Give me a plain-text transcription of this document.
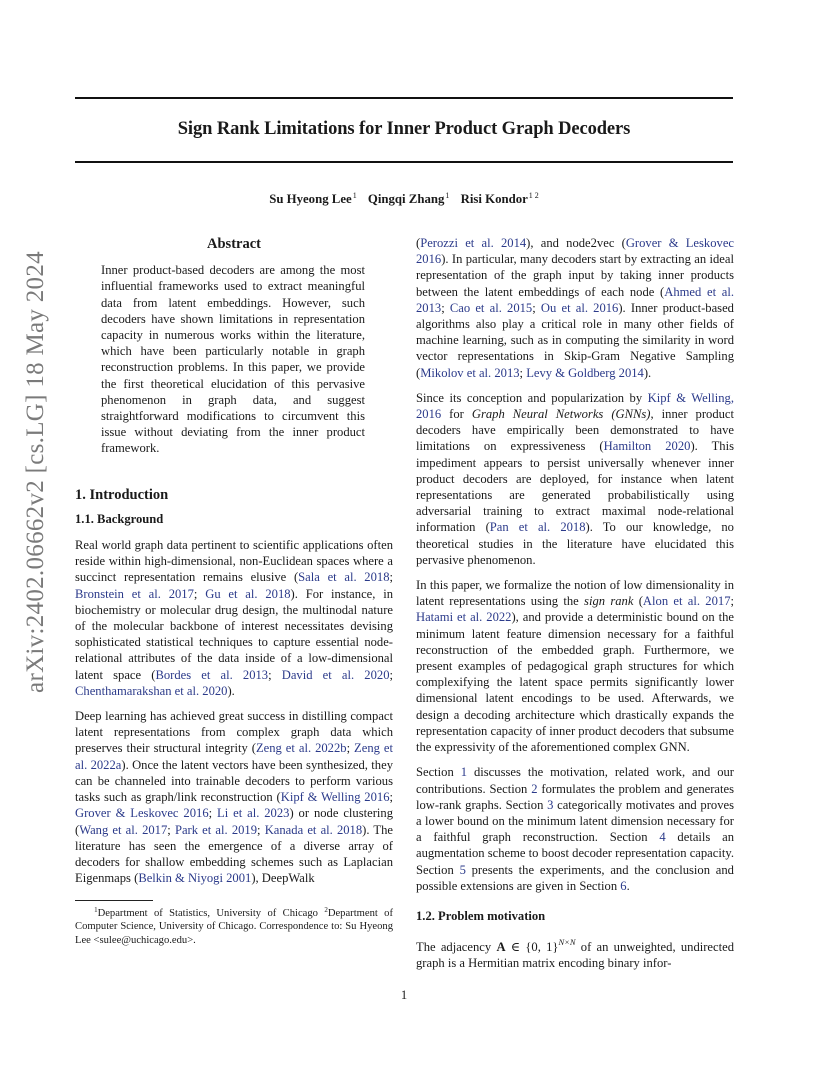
Sign Rank Limitations for Inner Product Graph Decoders
Su Hyeong Lee$^1$ Qingqi Zhang$^1$ Risi Kondor$^{1 2}$
arXiv:2402.06662v2 [cs.LG] 18 May 2024
Abstract

Inner product-based decoders are among the most influential frameworks used to extract meaningful data from latent embeddings. However, such decoders have shown limitations in representation capacity in numerous works within the literature, which have been particularly notable in graph reconstruction problems. In this paper, we provide the first theoretical elucidation of this pervasive phenomenon in graph data, and suggest straightforward modifications to circumvent this issue without deviating from the inner product framework.

1. Introduction
1.1. Background

Real world graph data pertinent to scientific applications often reside within high-dimensional, non-Euclidean spaces where a succinct representation remains elusive (Sala et al. 2018; Bronstein et al. 2017; Gu et al. 2018). For instance, in biochemistry or molecular drug design, the multinodal nature of the molecular backbone of interest necessitates devising sophisticated statistical techniques to capture essential node-relational attributes of the data inside of a low-dimensional latent space (Bordes et al. 2013; David et al. 2020; Chenthamarakshan et al. 2020).

Deep learning has achieved great success in distilling compact latent representations from complex graph data which preserves their structural integrity (Zeng et al. 2022b; Zeng et al. 2022a). Once the latent vectors have been synthesized, they can be channeled into trainable decoders to perform various tasks such as graph/link reconstruction (Kipf & Welling 2016; Grover & Leskovec 2016; Li et al. 2023) or node clustering (Wang et al. 2017; Park et al. 2019; Kanada et al. 2018). The literature has seen the emergence of a diverse array of decoders for shallow embedding schemes such as Laplacian Eigenmaps (Belkin & Niyogi 2001), DeepWalk

$^1$Department of Statistics, University of Chicago $^2$Department of Computer Science, University of Chicago. Correspondence to: Su Hyeong Lee <sulee@uchicago.edu>.

(Perozzi et al. 2014), and node2vec (Grover & Leskovec 2016). In particular, many decoders start by extracting an ideal representation of the graph input by taking inner products between the latent embeddings of each node (Ahmed et al. 2013; Cao et al. 2015; Ou et al. 2016). Inner product-based algorithms also play a critical role in many other fields of machine learning, such as in computing the similarity in word vector representations in Skip-Gram Negative Sampling (Mikolov et al. 2013; Levy & Goldberg 2014).

Since its conception and popularization by Kipf & Welling, 2016 for Graph Neural Networks (GNNs), inner product decoders have empirically been demonstrated to have limitations on expressiveness (Hamilton 2020). This impediment appears to persist universally whenever inner product decoders are deployed, for instance when latent representations are generated probabilistically using adversarial training to extract maximal node-relational information (Pan et al. 2018). To our knowledge, no theoretical studies in the literature have elucidated this pervasive phenomenon.

In this paper, we formalize the notion of low dimensionality in latent representations using the sign rank (Alon et al. 2017; Hatami et al. 2022), and provide a deterministic bound on the minimum latent feature dimension necessary for a faithful reconstruction of the embedded graph. Furthermore, we present examples of pedagogical graph structures for which complexifying the latent space permits significantly lower dimensional latent encodings to be used. Afterwards, we design a decoding architecture which drastically expands the representation capacity of inner product decoders that subsume the expressivity of the aforementioned complex GNN.

Section 1 discusses the motivation, related work, and our contributions. Section 2 formulates the problem and generates low-rank graphs. Section 3 categorically motivates and proves a lower bound on the minimum latent dimension necessary for a faithful graph reconstruction. Section 4 details an augmentation scheme to boost decoder representation capacity. Section 5 presents the experiments, and the conclusion and possible extensions are given in Section 6.

1.2. Problem motivation

The adjacency A ∈ {0, 1}$^{N\times N}$ of an unweighted, undirected graph is a Hermitian matrix encoding binary infor-

1
